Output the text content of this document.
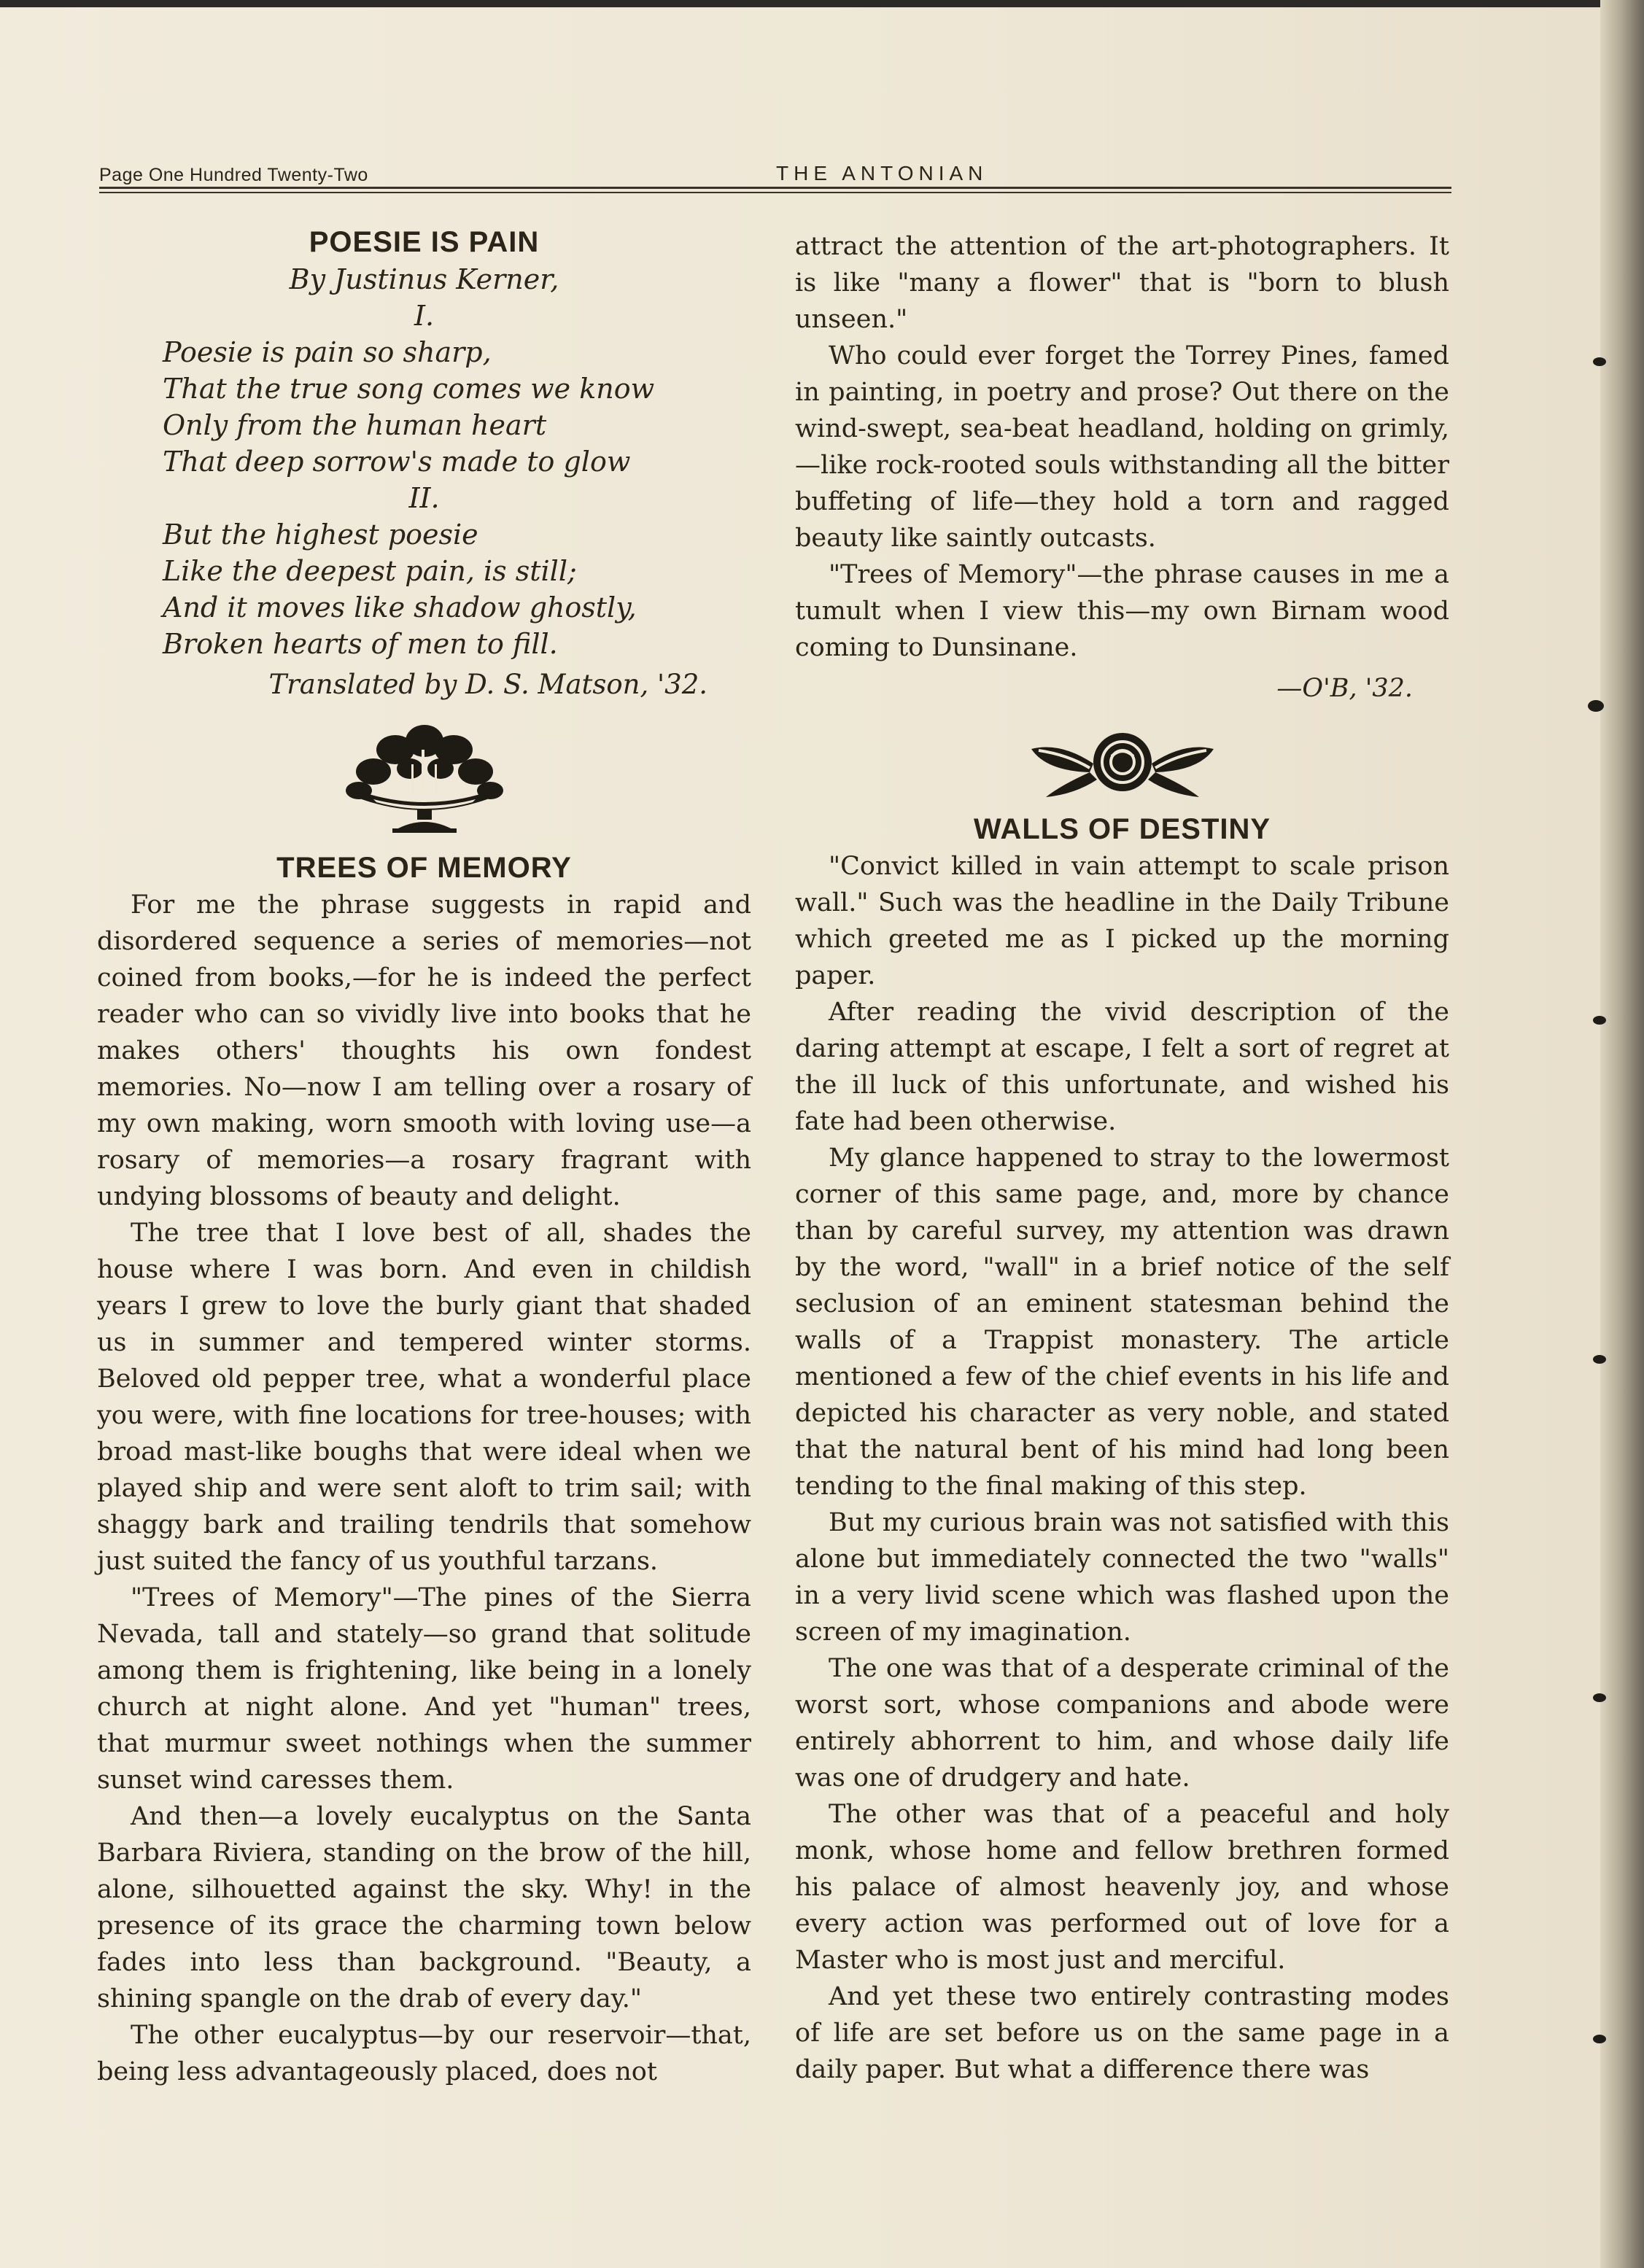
Page One Hundred Twenty-Two	THE ANTONIAN
POESIE IS PAIN

By Justinus Kerner,

I.

Poesie is pain so sharp,

That the true song comes we know

Only from the human heart

That deep sorrow's made to glow

II.

But the highest poesie

Like the deepest pain, is still;

And it moves like shadow ghostly,

Broken hearts of men to fill.

Translated by D. S. Matson, '32.

TREES OF MEMORY

For me the phrase suggests in rapid and disordered sequence a series of memories—not coined from books,—for he is indeed the perfect reader who can so vividly live into books that he makes others' thoughts his own fondest memories. No—now I am telling over a rosary of my own making, worn smooth with loving use—a rosary of memories—a rosary fragrant with undying blossoms of beauty and delight.

The tree that I love best of all, shades the house where I was born. And even in childish years I grew to love the burly giant that shaded us in summer and tempered winter storms. Beloved old pepper tree, what a wonderful place you were, with fine locations for tree-houses; with broad mast-like boughs that were ideal when we played ship and were sent aloft to trim sail; with shaggy bark and trailing tendrils that somehow just suited the fancy of us youthful tarzans.

"Trees of Memory"—The pines of the Sierra Nevada, tall and stately—so grand that solitude among them is frightening, like being in a lonely church at night alone. And yet "human" trees, that murmur sweet nothings when the summer sunset wind caresses them.

And then—a lovely eucalyptus on the Santa Barbara Riviera, standing on the brow of the hill, alone, silhouetted against the sky. Why! in the presence of its grace the charming town below fades into less than background. "Beauty, a shining spangle on the drab of every day."

The other eucalyptus—by our reservoir—that, being less advantageously placed, does not

attract the attention of the art-photographers. It is like "many a flower" that is "born to blush unseen."

Who could ever forget the Torrey Pines, famed in painting, in poetry and prose? Out there on the wind-swept, sea-beat headland, holding on grimly,—like rock-rooted souls withstanding all the bitter buffeting of life—they hold a torn and ragged beauty like saintly outcasts.

"Trees of Memory"—the phrase causes in me a tumult when I view this—my own Birnam wood coming to Dunsinane.

—O'B, '32.

WALLS OF DESTINY

"Convict killed in vain attempt to scale prison wall." Such was the headline in the Daily Tribune which greeted me as I picked up the morning paper.

After reading the vivid description of the daring attempt at escape, I felt a sort of regret at the ill luck of this unfortunate, and wished his fate had been otherwise.

My glance happened to stray to the lowermost corner of this same page, and, more by chance than by careful survey, my attention was drawn by the word, "wall" in a brief notice of the self seclusion of an eminent statesman behind the walls of a Trappist monastery. The article mentioned a few of the chief events in his life and depicted his character as very noble, and stated that the natural bent of his mind had long been tending to the final making of this step.

But my curious brain was not satisfied with this alone but immediately connected the two "walls" in a very livid scene which was flashed upon the screen of my imagination.

The one was that of a desperate criminal of the worst sort, whose companions and abode were entirely abhorrent to him, and whose daily life was one of drudgery and hate.

The other was that of a peaceful and holy monk, whose home and fellow brethren formed his palace of almost heavenly joy, and whose every action was performed out of love for a Master who is most just and merciful.

And yet these two entirely contrasting modes of life are set before us on the same page in a daily paper. But what a difference there was
